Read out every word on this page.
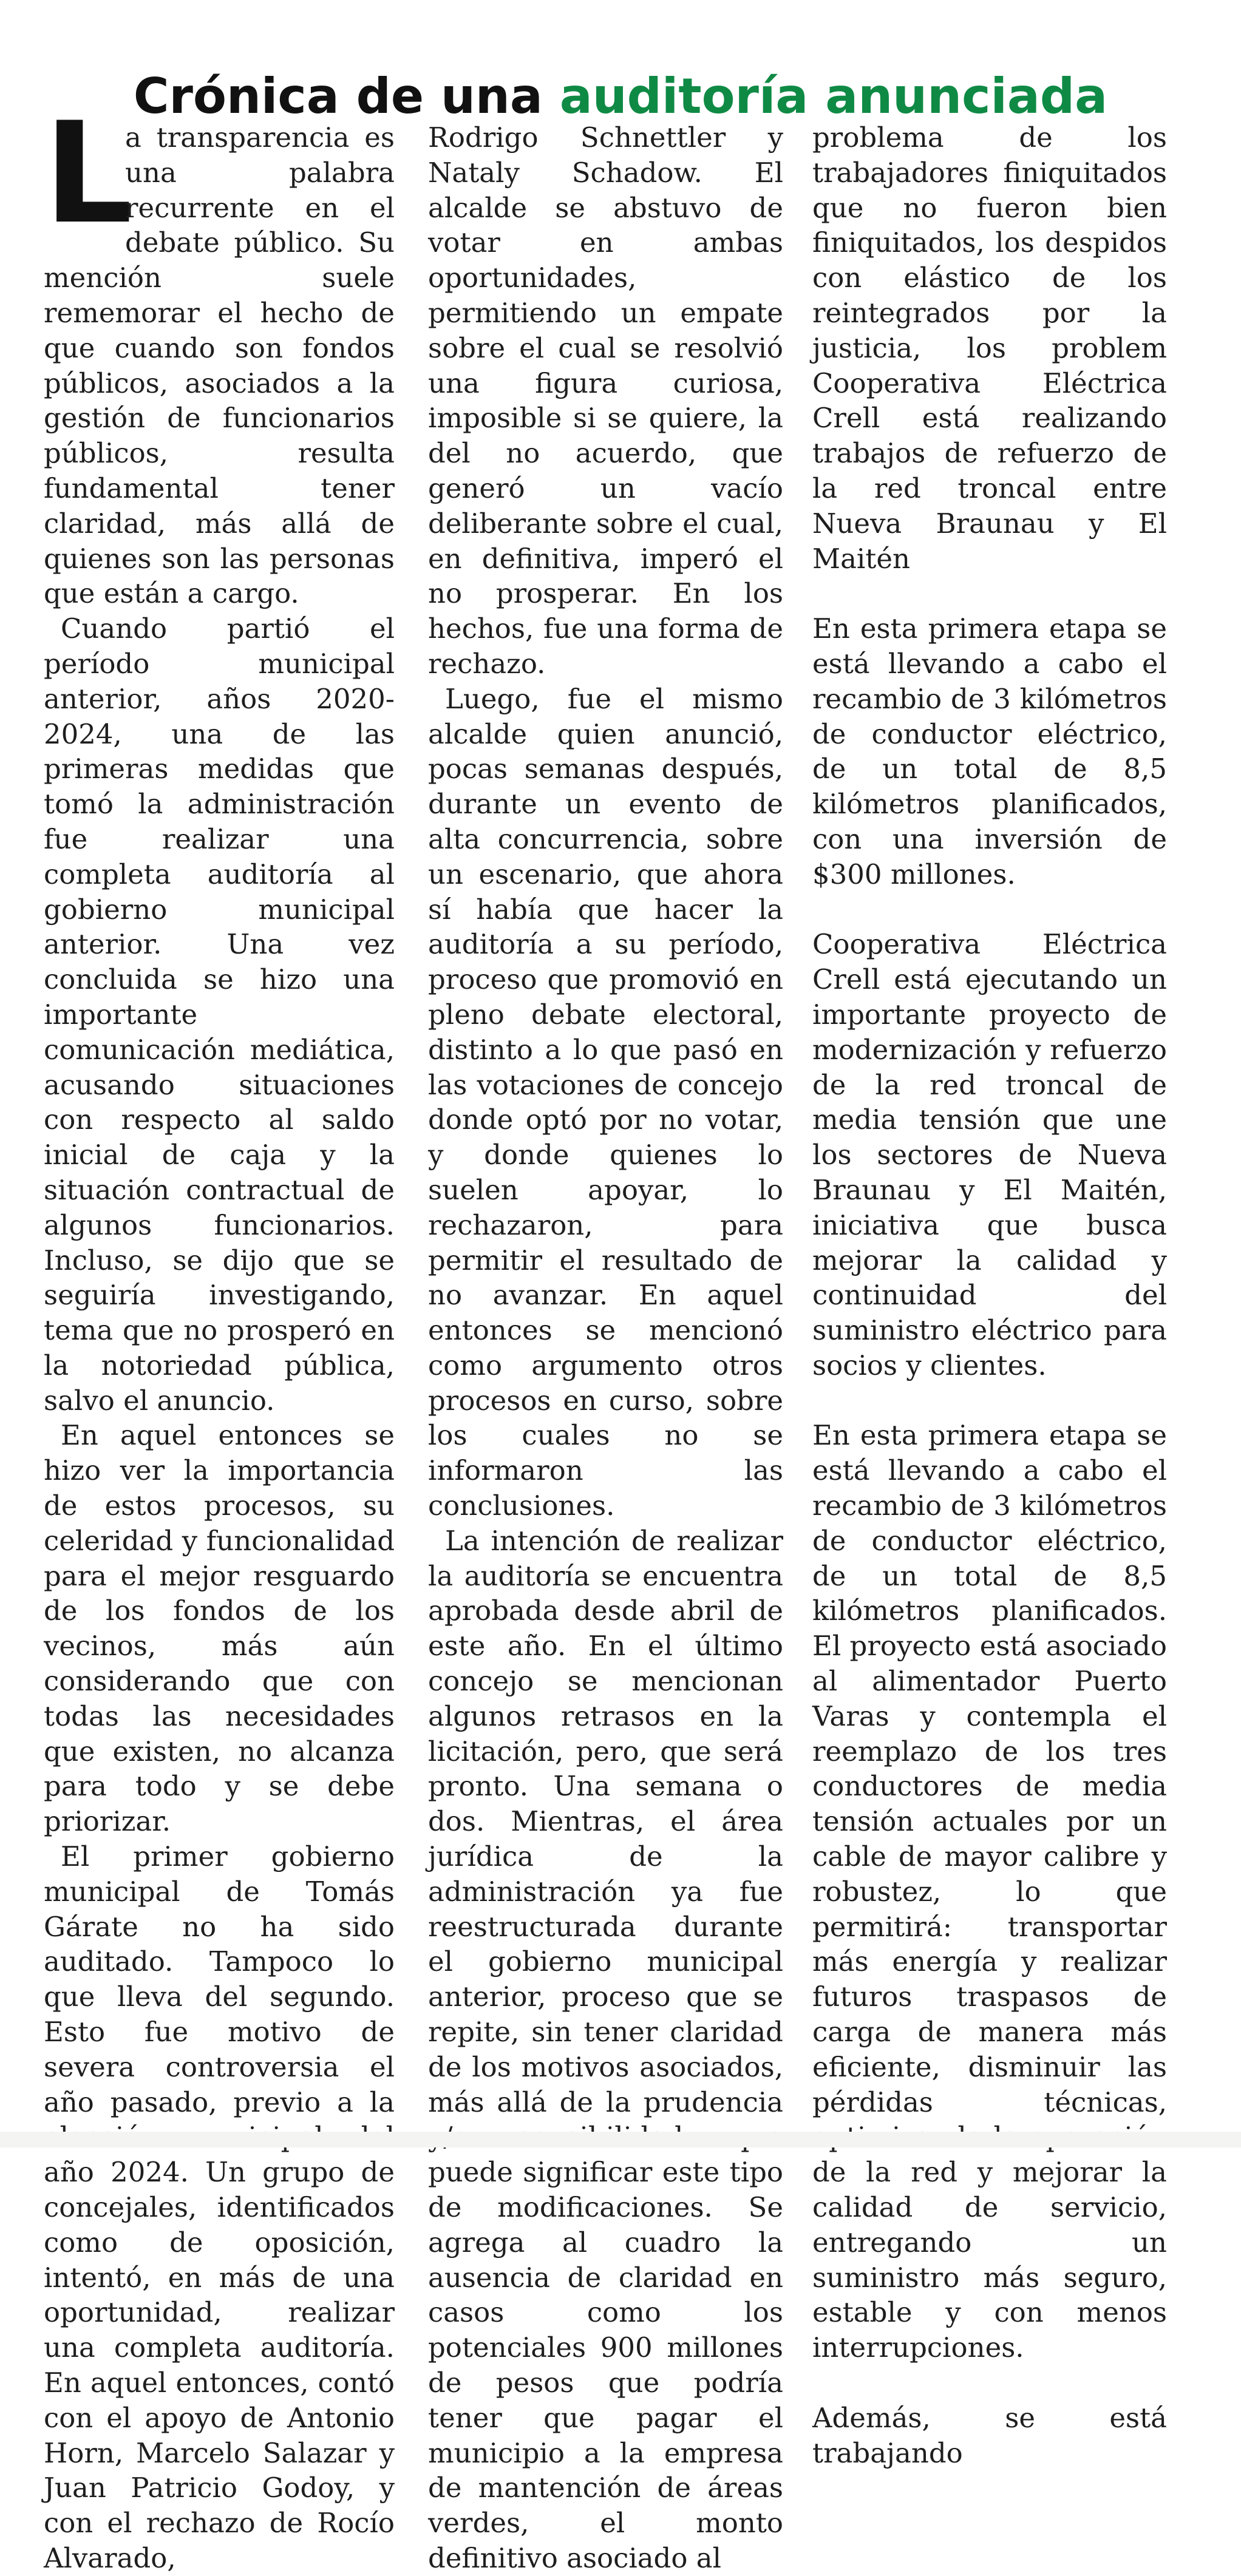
Crónica de una auditoría anunciada
L

a transparencia es una palabra recurrente en el debate público. Su mención suele rememorar el hecho de que cuando son fondos públicos, asociados a la gestión de funcionarios públicos, resulta fundamental tener claridad, más allá de quienes son las personas que están a cargo.

Cuando partió el período municipal anterior, años 2020-2024, una de las primeras medidas que tomó la administración fue realizar una completa auditoría al gobierno municipal anterior. Una vez concluida se hizo una importante comunicación mediática, acusando situaciones con respecto al saldo inicial de caja y la situación contractual de algunos funcionarios. Incluso, se dijo que se seguiría investigando, tema que no prosperó en la notoriedad pública, salvo el anuncio.

En aquel entonces se hizo ver la importancia de estos procesos, su celeridad y funcionalidad para el mejor resguardo de los fondos de los vecinos, más aún considerando que con todas las necesidades que existen, no alcanza para todo y se debe priorizar.

El primer gobierno municipal de Tomás Gárate no ha sido auditado. Tampoco lo que lleva del segundo. Esto fue motivo de severa controversia el año pasado, previo a la año 2024. Un grupo de concejales, identificados como de oposición, intentó, en más de una oportunidad, realizar una completa auditoría. En aquel entonces, contó con el apoyo de Antonio Horn, Marcelo Salazar y Juan Patricio Godoy, y con el rechazo de Rocío Alvarado,

Rodrigo Schnettler y Nataly Schadow. El alcalde se abstuvo de votar en ambas oportunidades, permitiendo un empate sobre el cual se resolvió una figura curiosa, imposible si se quiere, la del no acuerdo, que generó un vacío deliberante sobre el cual, en definitiva, imperó el no prosperar. En los hechos, fue una forma de rechazo.

Luego, fue el mismo alcalde quien anunció, pocas semanas después, durante un evento de alta concurrencia, sobre un escenario, que ahora sí había que hacer la auditoría a su período, proceso que promovió en pleno debate electoral, distinto a lo que pasó en las votaciones de concejo donde optó por no votar, y donde quienes lo suelen apoyar, lo rechazaron, para permitir el resultado de no avanzar. En aquel entonces se mencionó como argumento otros procesos en curso, sobre los cuales no se informaron las conclusiones.

La intención de realizar la auditoría se encuentra aprobada desde abril de este año. En el último concejo se mencionan algunos retrasos en la licitación, pero, que será pronto. Una semana o dos. Mientras, el área jurídica de la administración ya fue reestructurada durante el gobierno municipal anterior, proceso que se repite, sin tener claridad de los motivos asociados, más allá de la prudencia puede significar este tipo de modificaciones. Se agrega al cuadro la ausencia de claridad en casos como los potenciales 900 millones de pesos que podría tener que pagar el municipio a la empresa de mantención de áreas verdes, el monto definitivo asociado al

problema de los trabajadores finiquitados que no fueron bien finiquitados, los despidos con elástico de los reintegrados por la justicia, los problem Cooperativa Eléctrica Crell está realizando trabajos de refuerzo de la red troncal entre Nueva Braunau y El Maitén

En esta primera etapa se está llevando a cabo el recambio de 3 kilómetros de conductor eléctrico, de un total de 8,5 kilómetros planificados, con una inversión de $300 millones.

Cooperativa Eléctrica Crell está ejecutando un importante proyecto de modernización y refuerzo de la red troncal de media tensión que une los sectores de Nueva Braunau y El Maitén, iniciativa que busca mejorar la calidad y continuidad del suministro eléctrico para socios y clientes.

En esta primera etapa se está llevando a cabo el recambio de 3 kilómetros de conductor eléctrico, de un total de 8,5 kilómetros planificados. El proyecto está asociado al alimentador Puerto Varas y contempla el reemplazo de los tres conductores de media tensión actuales por un cable de mayor calibre y robustez, lo que permitirá: transportar más energía y realizar futuros traspasos de carga de manera más eficiente, disminuir las pérdidas técnicas, de la red y mejorar la calidad de servicio, entregando un suministro más seguro, estable y con menos interrupciones.

Además, se está trabajando
